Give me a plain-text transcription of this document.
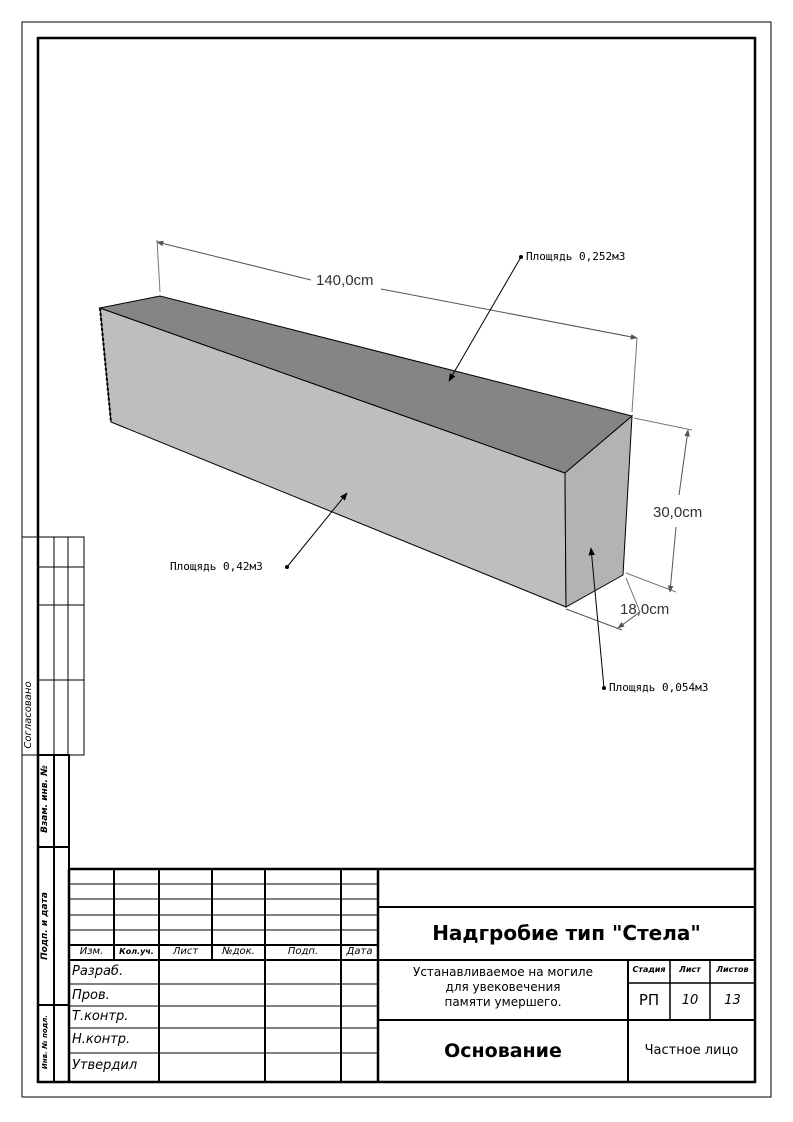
140,0cm
30,0cm
18,0cm
Площядь 0,252м3
Площядь 0,42м3
Площядь 0,054м3
Согласовано
Взам. инв. №
Подп. и дата
Инв. № подл.
Изм.	Кол.уч.	Лист	№док.	Подп.	Дата
Разраб.
Пров.
Т.контр.
Н.контр.
Утвердил
Надгробие тип "Стела"
Устанавливаемое на могиле
для увековечения
памяти умершего.
Стадия	Лист	Листов
РП	10	13
Основание	Частное лицо
